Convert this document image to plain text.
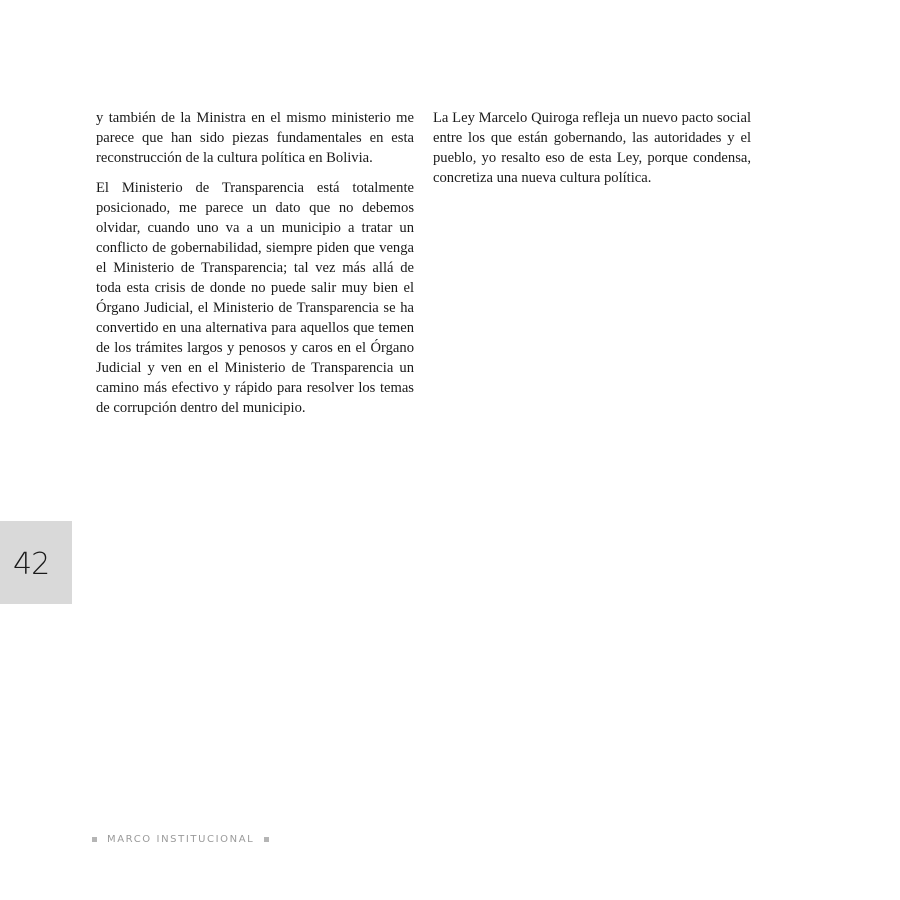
y también de la Ministra en el mismo ministerio me parece que han sido piezas fundamentales en esta reconstrucción de la cultura política en Bolivia.

El Ministerio de Transparencia está totalmente posicionado, me parece un dato que no debemos olvidar, cuando uno va a un municipio a tratar un conflicto de gobernabilidad, siempre piden que venga el Ministerio de Transparencia; tal vez más allá de toda esta crisis de donde no puede salir muy bien el Órgano Judicial, el Ministerio de Transparencia se ha convertido en una alternativa para aquellos que temen de los trámites largos y penosos y caros en el Órgano Judicial y ven en el Ministerio de Transparencia un camino más efectivo y rápido para resolver los temas de corrupción dentro del municipio.

La Ley Marcelo Quiroga refleja un nuevo pacto social entre los que están gobernando, las autoridades y el pueblo, yo resalto eso de esta Ley, porque condensa, concretiza una nueva cultura política.

42
MARCO INSTITUCIONAL
